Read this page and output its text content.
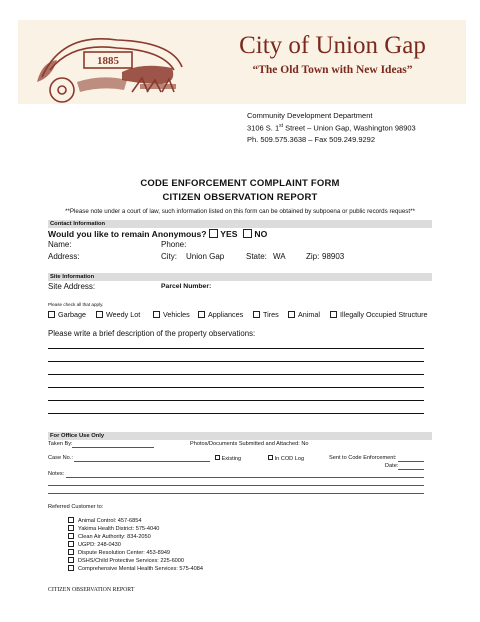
1885
City of Union Gap
“The Old Town with New Ideas”
Community Development Department
3106 S. 1st Street – Union Gap, Washington 98903
Ph. 509.575.3638 – Fax 509.249.9292
CODE ENFORCEMENT COMPLAINT FORM
CITIZEN OBSERVATION REPORT
**Please note under a court of law, such information listed on this form can be obtained by subpoena or public records request**
Contact Information
Would you like to remain Anonymous?	YES	NO
Name:	Phone:
Address:	City: Union Gap	State: WA	Zip: 98903
Site Information
Site Address:	Parcel Number:
Please check all that apply.
Garbage	Weedy Lot	Vehicles	Appliances	Tires	Animal	Illegally Occupied Structure
Please write a brief description of the property observations:
For Office Use Only
Taken By:	Photos/Documents Submitted and Attached: No
Case No.:	Existing	In COD Log	Sent to Code Enforcement:
Date:
Notes:
Referred Customer to:
Animal Control: 457-6854
Yakima Health District: 575-4040
Clean Air Authority: 834-2050
UGPD: 248-0430
Dispute Resolution Center: 453-8949
DSHS/Child Protective Services: 225-6000
Comprehensive Mental Health Services: 575-4084
CITIZEN OBSERVATION REPORT
